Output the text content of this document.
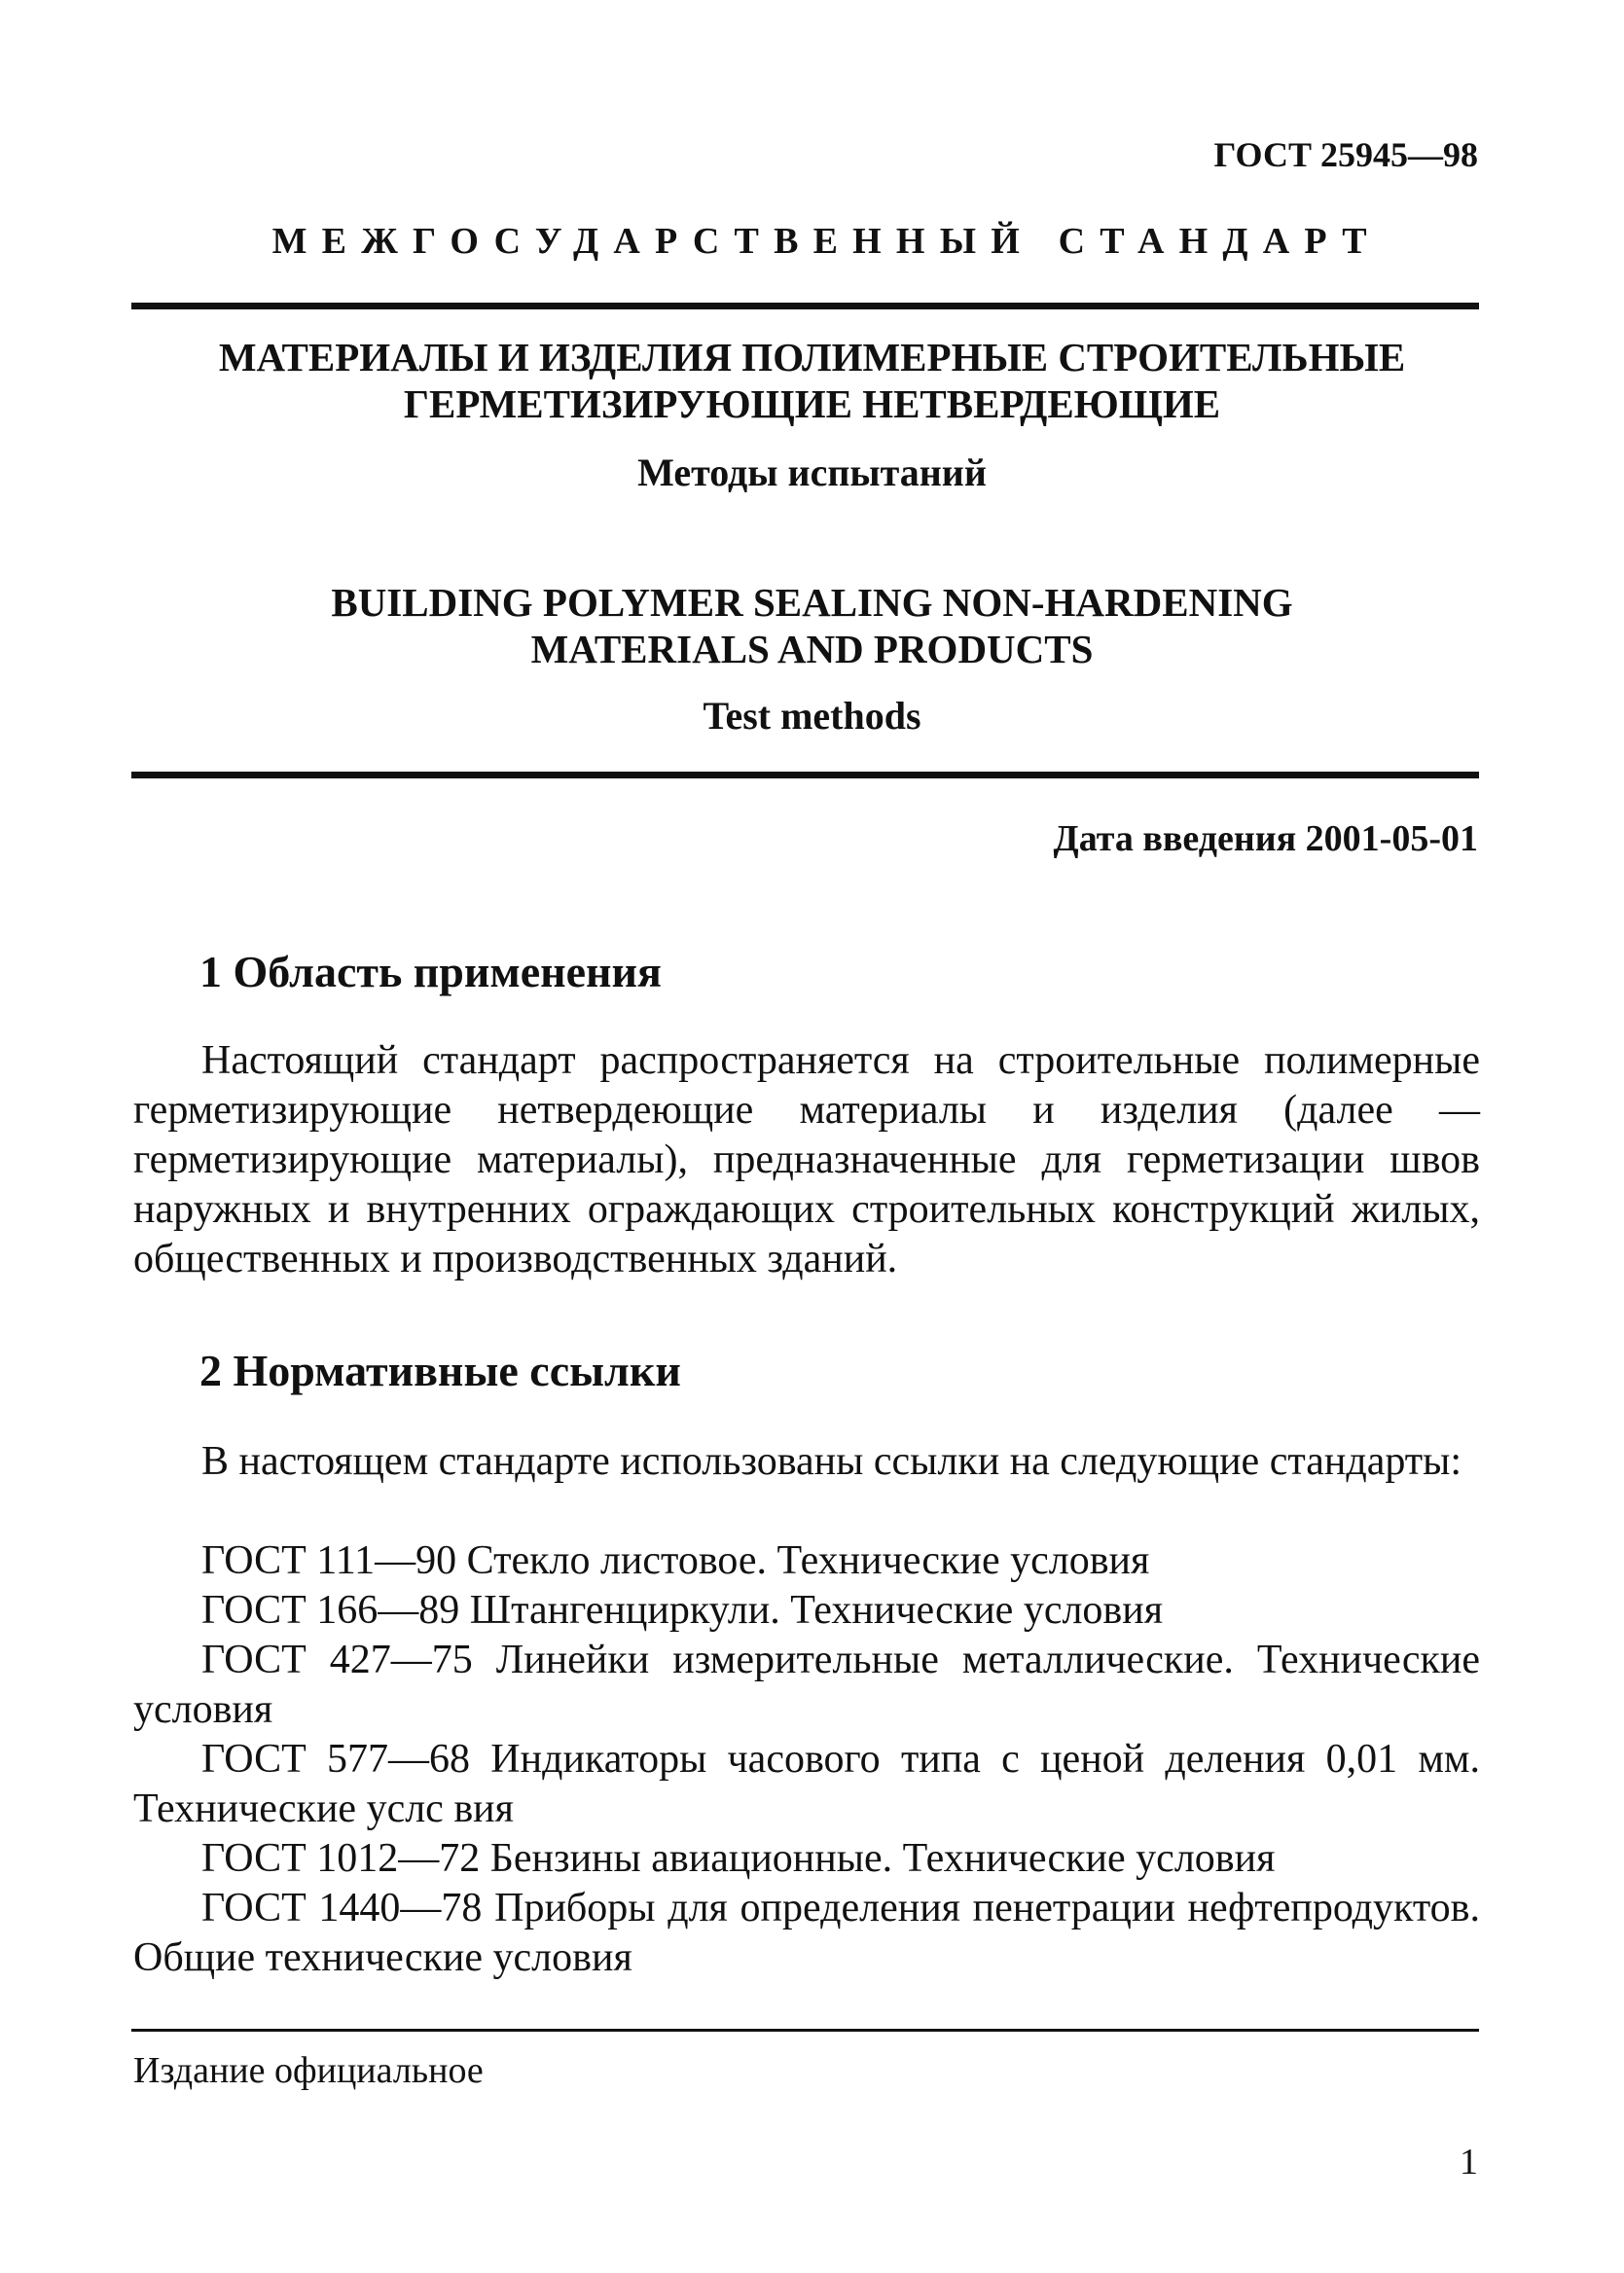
ГОСТ 25945—98
МЕЖГОСУДАРСТВЕННЫЙ СТАНДАРТ
МАТЕРИАЛЫ И ИЗДЕЛИЯ ПОЛИМЕРНЫЕ СТРОИТЕЛЬНЫЕ
ГЕРМЕТИЗИРУЮЩИЕ НЕТВЕРДЕЮЩИЕ
Методы испытаний
BUILDING POLYMER SEALING NON-HARDENING
MATERIALS AND PRODUCTS
Test methods
Дата введения 2001-05-01
1 Область применения

Настоящий стандарт распространяется на строительные полимерные герметизирующие нетвердеющие материалы и изделия (далее — герметизирующие материалы), предназначенные для герметизации швов наружных и внутренних ограждающих строительных конструкций жилых, общественных и производственных зданий.

2 Нормативные ссылки

В настоящем стандарте использованы ссылки на следующие стандарты:

ГОСТ 111—90 Стекло листовое. Технические условия
ГОСТ 166—89 Штангенциркули. Технические условия
ГОСТ 427—75 Линейки измерительные металлические. Технические условия
ГОСТ 577—68 Индикаторы часового типа с ценой деления 0,01 мм. Технические услс вия
ГОСТ 1012—72 Бензины авиационные. Технические условия
ГОСТ 1440—78 Приборы для определения пенетрации нефтепродуктов. Общие технические условия
Издание официальное
1
